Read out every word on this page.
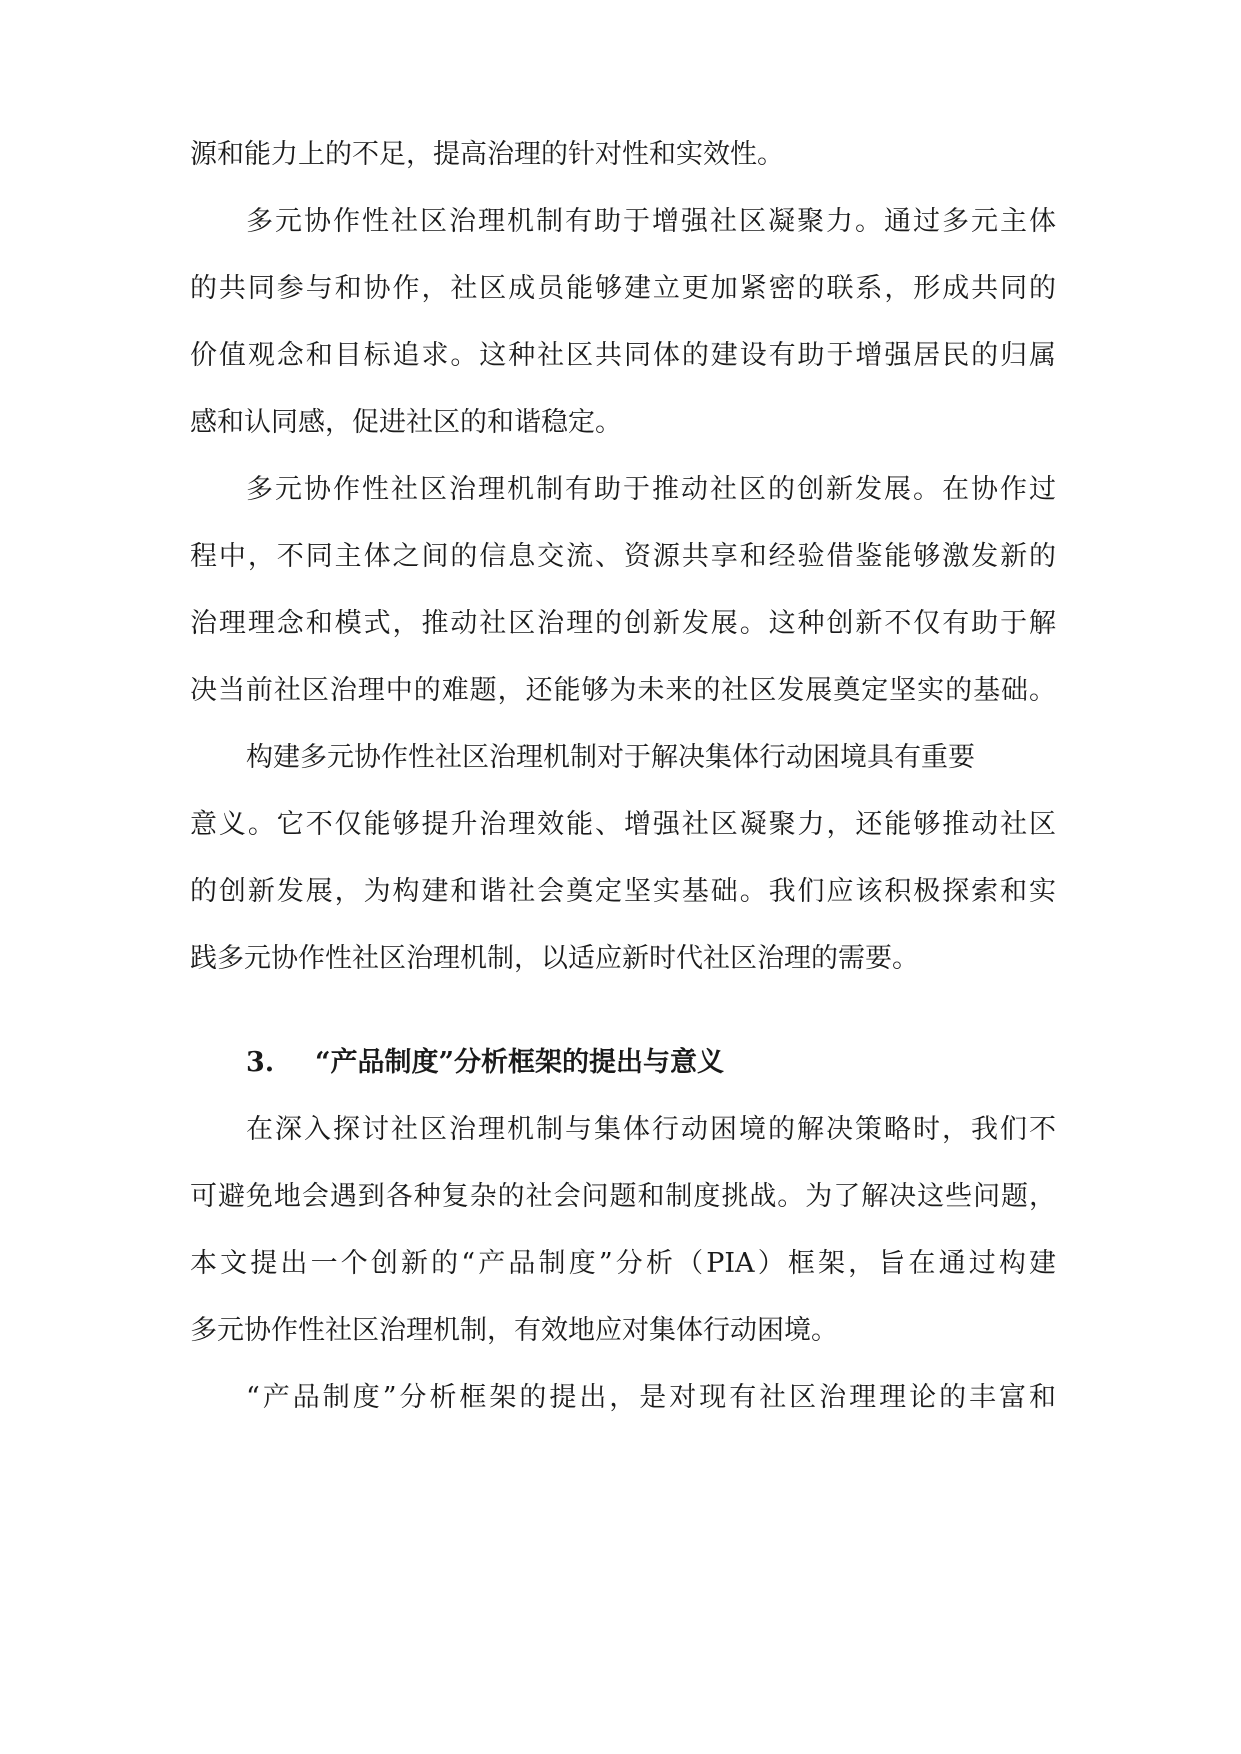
源和能力上的不足，提高治理的针对性和实效性。
多元协作性社区治理机制有助于增强社区凝聚力。通过多元主体
的共同参与和协作，社区成员能够建立更加紧密的联系，形成共同的
价值观念和目标追求。这种社区共同体的建设有助于增强居民的归属
感和认同感，促进社区的和谐稳定。
多元协作性社区治理机制有助于推动社区的创新发展。在协作过
程中，不同主体之间的信息交流、资源共享和经验借鉴能够激发新的
治理理念和模式，推动社区治理的创新发展。这种创新不仅有助于解
决当前社区治理中的难题，还能够为未来的社区发展奠定坚实的基础。
构建多元协作性社区治理机制对于解决集体行动困境具有重要
意义。它不仅能够提升治理效能、增强社区凝聚力，还能够推动社区
的创新发展，为构建和谐社会奠定坚实基础。我们应该积极探索和实
践多元协作性社区治理机制，以适应新时代社区治理的需要。
3. “产品制度”分析框架的提出与意义
在深入探讨社区治理机制与集体行动困境的解决策略时，我们不
可避免地会遇到各种复杂的社会问题和制度挑战。为了解决这些问题，
本文提出一个创新的“产品制度”分析（PIA）框架，旨在通过构建
多元协作性社区治理机制，有效地应对集体行动困境。
“产品制度”分析框架的提出，是对现有社区治理理论的丰富和
